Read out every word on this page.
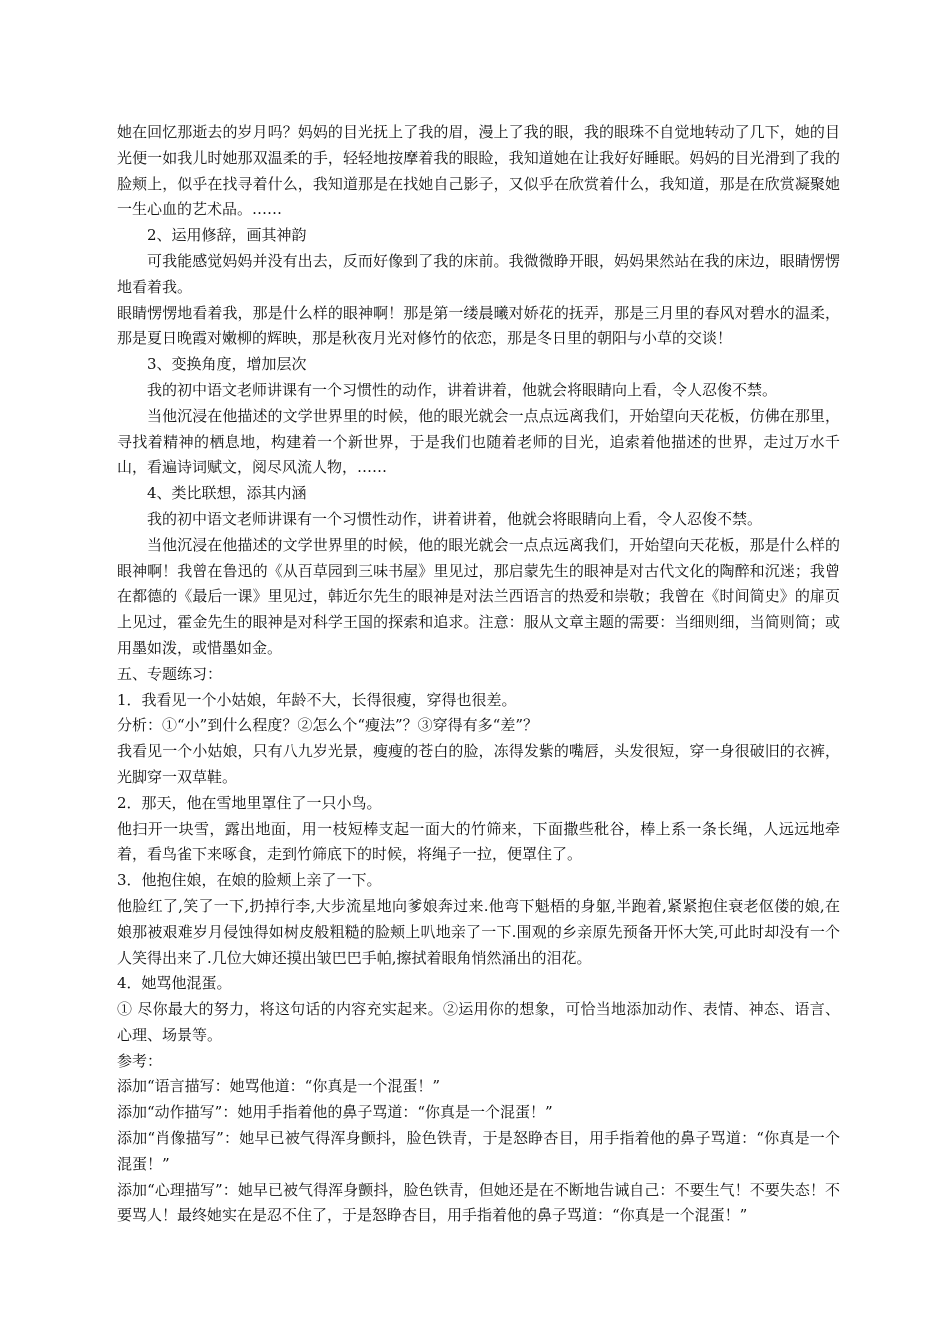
她在回忆那逝去的岁月吗？妈妈的目光抚上了我的眉，漫上了我的眼，我的眼珠不自觉地转动了几下，她的目光便一如我儿时她那双温柔的手，轻轻地按摩着我的眼睑，我知道她在让我好好睡眠。妈妈的目光滑到了我的脸颊上，似乎在找寻着什么，我知道那是在找她自己影子，又似乎在欣赏着什么，我知道，那是在欣赏凝聚她一生心血的艺术品。……

2、运用修辞，画其神韵

可我能感觉妈妈并没有出去，反而好像到了我的床前。我微微睁开眼，妈妈果然站在我的床边，眼睛愣愣地看着我。

眼睛愣愣地看着我，那是什么样的眼神啊！那是第一缕晨曦对娇花的抚弄，那是三月里的春风对碧水的温柔，那是夏日晚霞对嫩柳的辉映，那是秋夜月光对修竹的依恋，那是冬日里的朝阳与小草的交谈！

3、变换角度，增加层次

我的初中语文老师讲课有一个习惯性的动作，讲着讲着，他就会将眼睛向上看，令人忍俊不禁。

当他沉浸在他描述的文学世界里的时候，他的眼光就会一点点远离我们，开始望向天花板，仿佛在那里，寻找着精神的栖息地，构建着一个新世界，于是我们也随着老师的目光，追索着他描述的世界，走过万水千山，看遍诗词赋文，阅尽风流人物，……

4、类比联想，添其内涵

我的初中语文老师讲课有一个习惯性动作，讲着讲着，他就会将眼睛向上看，令人忍俊不禁。

当他沉浸在他描述的文学世界里的时候，他的眼光就会一点点远离我们，开始望向天花板，那是什么样的眼神啊！我曾在鲁迅的《从百草园到三味书屋》里见过，那启蒙先生的眼神是对古代文化的陶醉和沉迷；我曾在都德的《最后一课》里见过，韩近尔先生的眼神是对法兰西语言的热爱和崇敬；我曾在《时间简史》的扉页上见过，霍金先生的眼神是对科学王国的探索和追求。注意：服从文章主题的需要：当细则细，当简则简；或用墨如泼，或惜墨如金。

五、专题练习：

1．我看见一个小姑娘，年龄不大，长得很瘦，穿得也很差。

分析：①“小”到什么程度？②怎么个“瘦法”？③穿得有多“差”？

我看见一个小姑娘，只有八九岁光景，瘦瘦的苍白的脸，冻得发紫的嘴唇，头发很短，穿一身很破旧的衣裤，光脚穿一双草鞋。

2．那天，他在雪地里罩住了一只小鸟。

他扫开一块雪，露出地面，用一枝短棒支起一面大的竹筛来，下面撒些秕谷，棒上系一条长绳，人远远地牵着，看鸟雀下来啄食，走到竹筛底下的时候，将绳子一拉，便罩住了。

3．他抱住娘，在娘的脸颊上亲了一下。

他脸红了,笑了一下,扔掉行李,大步流星地向爹娘奔过来.他弯下魁梧的身躯,半跑着,紧紧抱住衰老伛偻的娘,在娘那被艰难岁月侵蚀得如树皮般粗糙的脸颊上叭地亲了一下.围观的乡亲原先预备开怀大笑,可此时却没有一个人笑得出来了.几位大婶还摸出皱巴巴手帕,擦拭着眼角悄然涌出的泪花。

4．她骂他混蛋。

① 尽你最大的努力，将这句话的内容充实起来。②运用你的想象，可恰当地添加动作、表情、神态、语言、心理、场景等。

参考：

添加“语言描写：她骂他道：“你真是一个混蛋！”

添加“动作描写”：她用手指着他的鼻子骂道：“你真是一个混蛋！”

添加“肖像描写”：她早已被气得浑身颤抖，脸色铁青，于是怒睁杏目，用手指着他的鼻子骂道：“你真是一个混蛋！”

添加“心理描写”：她早已被气得浑身颤抖，脸色铁青，但她还是在不断地告诫自己：不要生气！不要失态！不要骂人！最终她实在是忍不住了，于是怒睁杏目，用手指着他的鼻子骂道：“你真是一个混蛋！”
